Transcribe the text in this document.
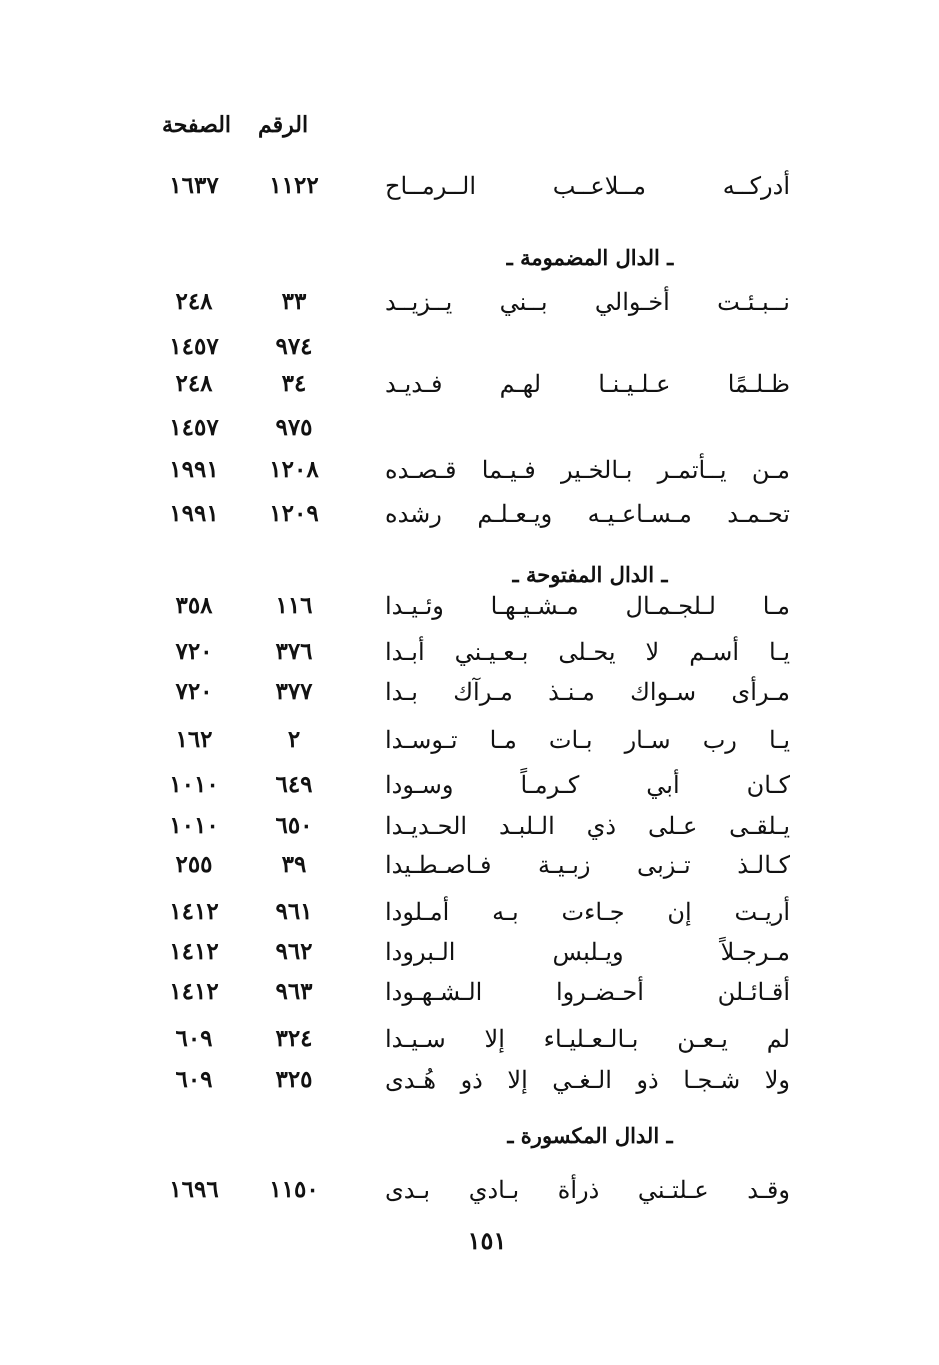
الرقم
الصفحة
أدركــه مــلاعــب الــرمــاح
١١٢٢
١٦٣٧
ـ الدال المضمومة ـ
نــبـئـت أخـوالي بــني يــزيــد
٣٣
٢٤٨
٩٧٤
١٤٥٧
ظـلـمًا عـلـيـنـا لهـم فـديـد
٣٤
٢٤٨
٩٧٥
١٤٥٧
مـن يــأتمـر بـالخـير فـيـما قـصـده
١٢٠٨
١٩٩١
تحـمـد مـسـاعـيـه ويـعـلـم رشده
١٢٠٩
١٩٩١
ـ الدال المفتوحة ـ
مـا لـلجـمـال مـشـيـهـا وئـيـدا
١١٦
٣٥٨
يـا أسـم لا يحـلى بـعـيـني أبـدا
٣٧٦
٧٢٠
مـرأى سـواك مـنـذ مـرآك بـدا
٣٧٧
٧٢٠
يـا رب سـار بـات مـا تـوسـدا
٢
١٦٢
كـان أبي كـرمـاً وسـودا
٦٤٩
١٠١٠
يـلقـى عـلى ذي الـلبـد الحـديـدا
٦٥٠
١٠١٠
كـالـذ تـزبى زبـيـة فـاصـطـيدا
٣٩
٢٥٥
أريـت إن جـاءت بـه أمـلودا
٩٦١
١٤١٢
مـرجـلاً ويـلبس الـبرودا
٩٦٢
١٤١٢
أقـائـلن أحـضـروا الـشـهـودا
٩٦٣
١٤١٢
لم يـعـن بـالـعـليـاء إلا سـيـدا
٣٢٤
٦٠٩
ولا شـجـا ذو الـغـي إلا ذو هُـدى
٣٢٥
٦٠٩
ـ الدال المكسورة ـ
وقـد عـلتـني ذرأة بـادي بـدى
١١٥٠
١٦٩٦
١٥١
